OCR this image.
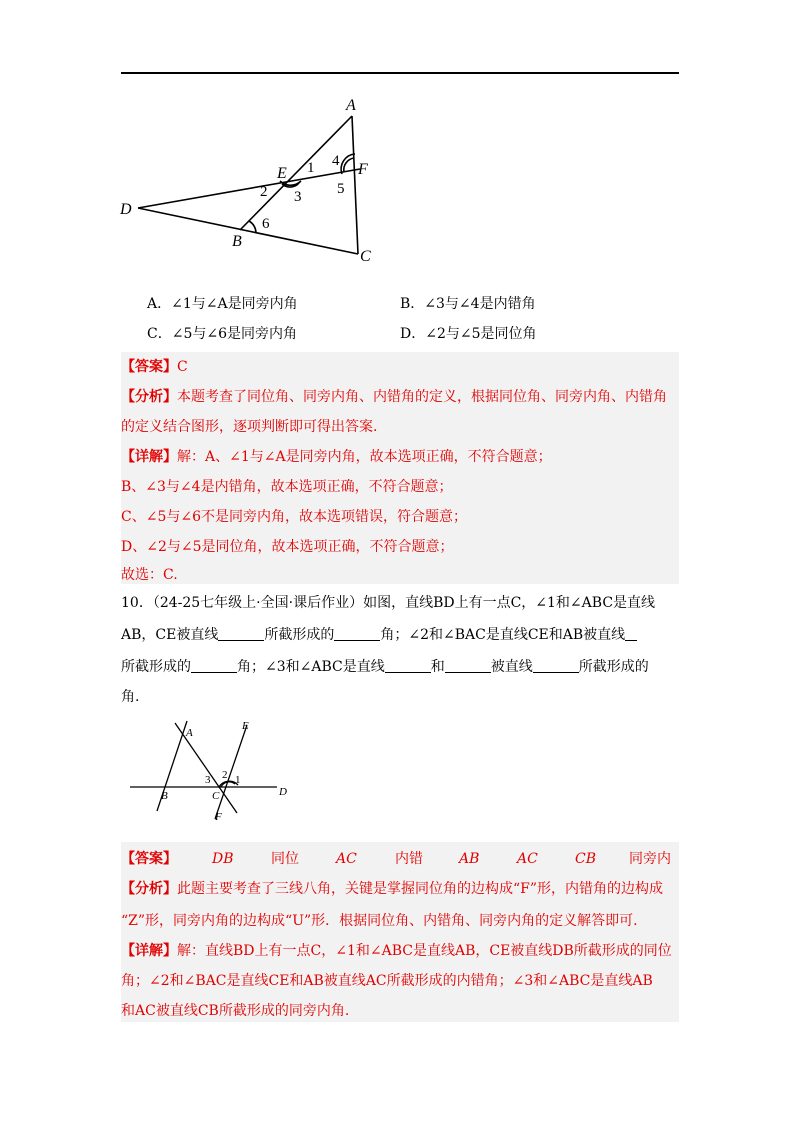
A
D
B
C
E	F
1
2 3
4
5
6
A．∠1与∠A是同旁内角	B．∠3与∠4是内错角
C．∠5与∠6是同旁内角	D．∠2与∠5是同位角
【答案】C
【分析】本题考查了同位角、同旁内角、内错角的定义，根据同位角、同旁内角、内错角
的定义结合图形，逐项判断即可得出答案.
【详解】解：A、∠1与∠A是同旁内角，故本选项正确，不符合题意；
B、∠3与∠4是内错角，故本选项正确，不符合题意；
C、∠5与∠6不是同旁内角，故本选项错误，符合题意；
D、∠2与∠5是同位角，故本选项正确，不符合题意；
故选：C.
10．（24-25七年级上·全国·课后作业）如图，直线BD上有一点C，∠1和∠ABC是直线
AB，CE被直线	所截形成的	角；∠2和∠BAC是直线CE和AB被直线
所截形成的	角；∠3和∠ABC是直线	和	被直线	所截形成的
角.
A
E
B	C	D
F
1
2
3
【答案】	DB	同位	AC	内错	AB	AC	CB 同旁内
【分析】此题主要考查了三线八角，关键是掌握同位角的边构成“F”形，内错角的边构成
“Z”形，同旁内角的边构成“U”形．根据同位角、内错角、同旁内角的定义解答即可.
【详解】解：直线BD上有一点C，∠1和∠ABC是直线AB，CE被直线DB所截形成的同位
角；∠2和∠BAC是直线CE和AB被直线AC所截形成的内错角；∠3和∠ABC是直线AB
和AC被直线CB所截形成的同旁内角.
